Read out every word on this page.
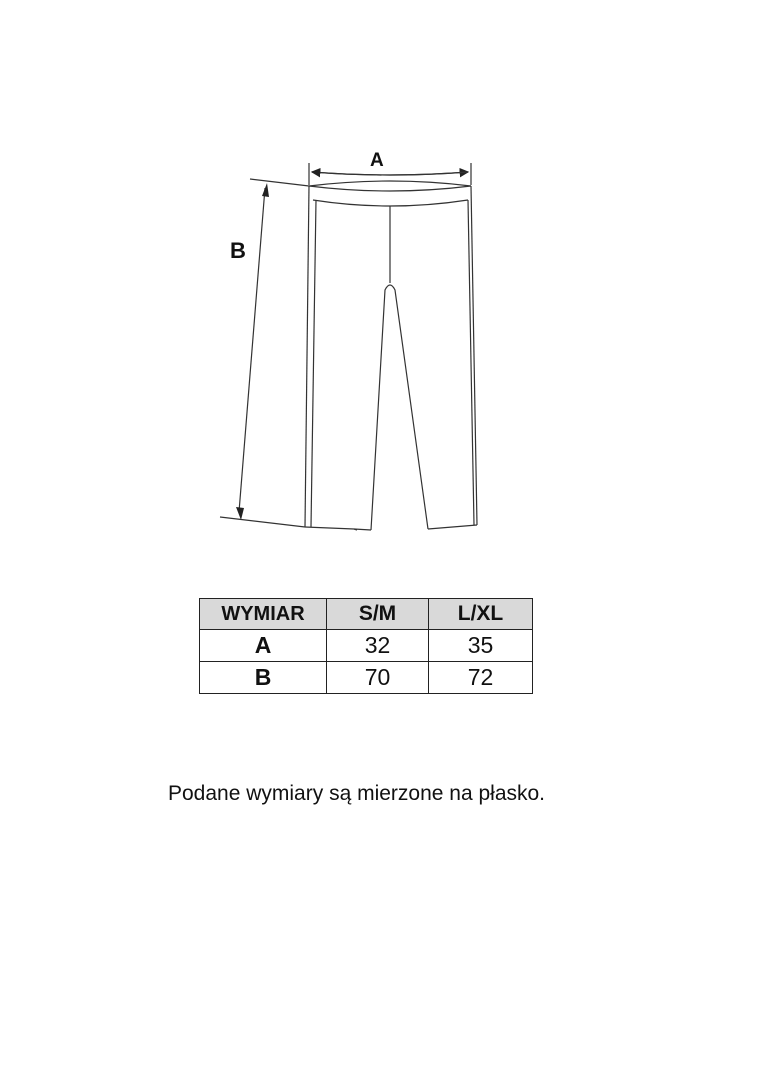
A
B
WYMIAR	S/M	L/XL
A	32	35
B	70	72
Podane wymiary są mierzone na płasko.
